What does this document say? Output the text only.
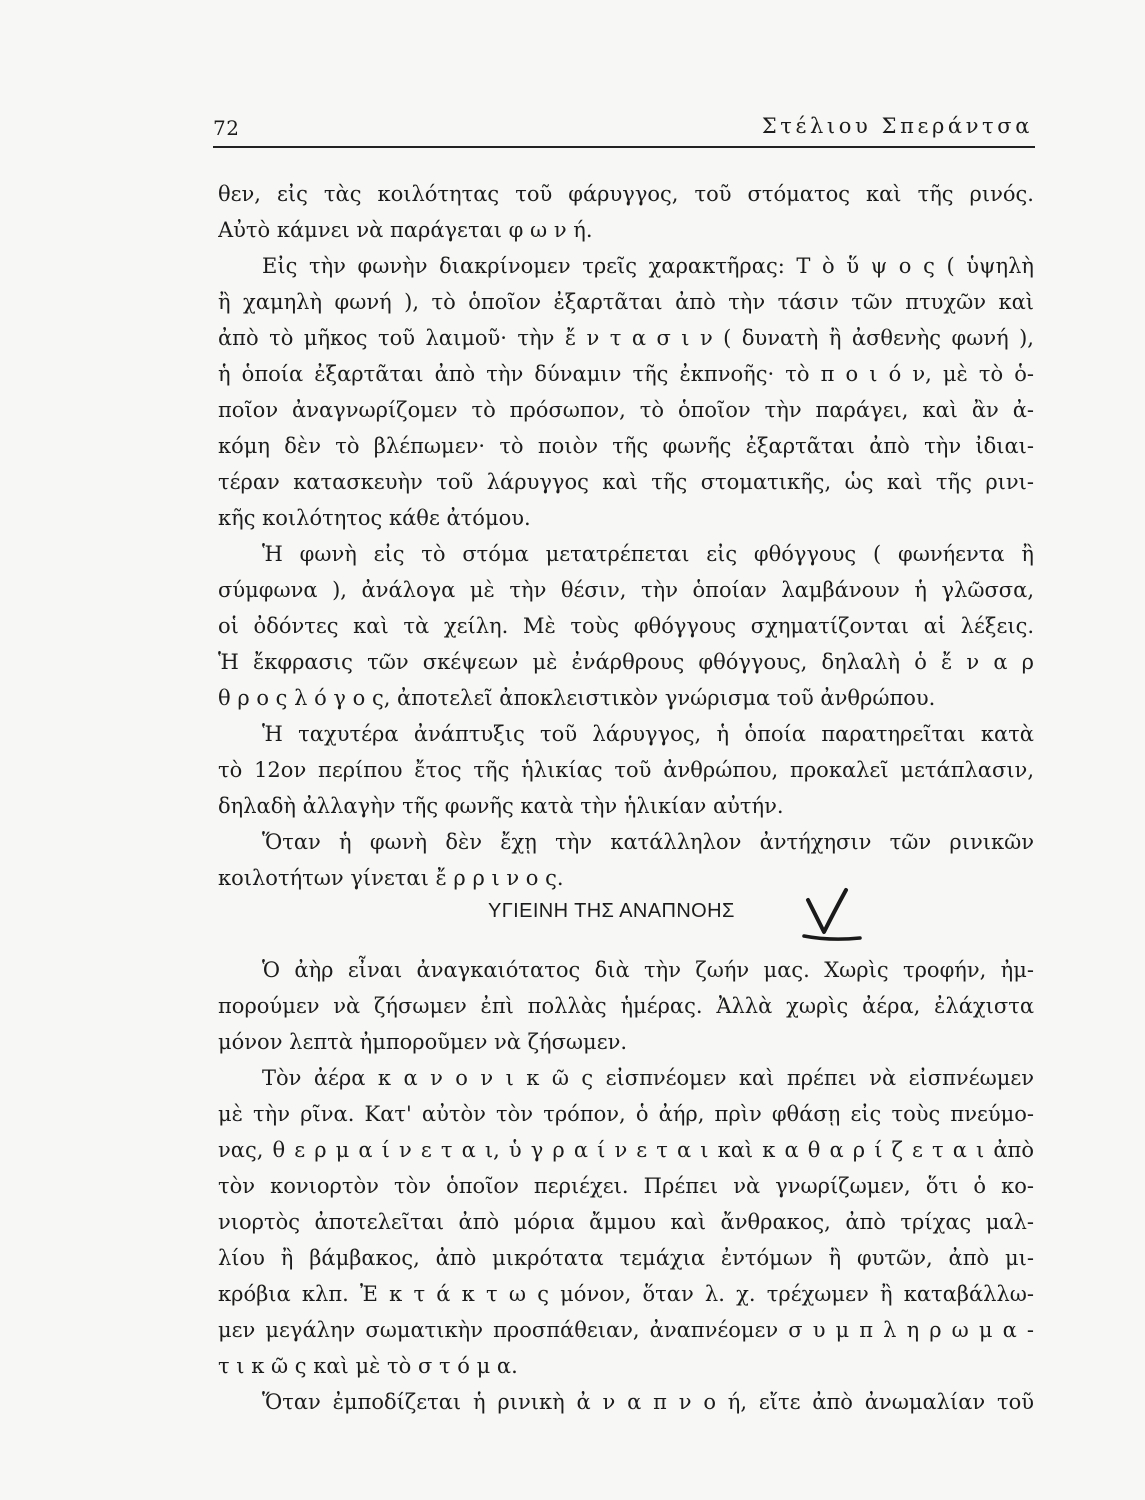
72	Στέλιου Σπεράντσα
θεν, εἰς τὰς κοιλότητας τοῦ φάρυγγος, τοῦ στόματος καὶ τῆς ρινός.
Αὐτὸ κάμνει νὰ παράγεται φ ω ν ή.
Εἰς τὴν φωνὴν διακρίνομεν τρεῖς χαρακτῆρας: Τ ὸ ὕ ψ ο ς ( ὑψηλὴ
ἢ χαμηλὴ φωνή ), τὸ ὁποῖον ἐξαρτᾶται ἀπὸ τὴν τάσιν τῶν πτυχῶν καὶ
ἀπὸ τὸ μῆκος τοῦ λαιμοῦ· τὴν ἔ ν τ α σ ι ν ( δυνατὴ ἢ ἀσθενὴς φωνή ),
ἡ ὁποία ἐξαρτᾶται ἀπὸ τὴν δύναμιν τῆς ἐκπνοῆς· τὸ π ο ι ό ν, μὲ τὸ ὁ-
ποῖον ἀναγνωρίζομεν τὸ πρόσωπον, τὸ ὁποῖον τὴν παράγει, καὶ ἂν ἀ-
κόμη δὲν τὸ βλέπωμεν· τὸ ποιὸν τῆς φωνῆς ἐξαρτᾶται ἀπὸ τὴν ἰδιαι-
τέραν κατασκευὴν τοῦ λάρυγγος καὶ τῆς στοματικῆς, ὡς καὶ τῆς ρινι-
κῆς κοιλότητος κάθε ἀτόμου.
Ἡ φωνὴ εἰς τὸ στόμα μετατρέπεται εἰς φθόγγους ( φωνήεντα ἢ
σύμφωνα ), ἀνάλογα μὲ τὴν θέσιν, τὴν ὁποίαν λαμβάνουν ἡ γλῶσσα,
οἱ ὀδόντες καὶ τὰ χείλη. Μὲ τοὺς φθόγγους σχηματίζονται αἱ λέξεις.
Ἡ ἔκφρασις τῶν σκέψεων μὲ ἐνάρθρους φθόγγους, δηλαλὴ ὁ ἔ ν α ρ
θ ρ ο ς λ ό γ ο ς, ἀποτελεῖ ἀποκλειστικὸν γνώρισμα τοῦ ἀνθρώπου.
Ἡ ταχυτέρα ἀνάπτυξις τοῦ λάρυγγος, ἡ ὁποία παρατηρεῖται κατὰ
τὸ 12ον περίπου ἔτος τῆς ἡλικίας τοῦ ἀνθρώπου, προκαλεῖ μετάπλασιν,
δηλαδὴ ἀλλαγὴν τῆς φωνῆς κατὰ τὴν ἡλικίαν αὐτήν.
Ὅταν ἡ φωνὴ δὲν ἔχῃ τὴν κατάλληλον ἀντήχησιν τῶν ρινικῶν
κοιλοτήτων γίνεται ἔ ρ ρ ι ν ο ς.
ΥΓΙΕΙΝΗ ΤΗΣ ΑΝΑΠΝΟΗΣ
Ὁ ἀὴρ εἶναι ἀναγκαιότατος διὰ τὴν ζωήν μας. Χωρὶς τροφήν, ἠμ-
πορούμεν νὰ ζήσωμεν ἐπὶ πολλὰς ἡμέρας. Ἀλλὰ χωρὶς ἀέρα, ἐλάχιστα
μόνον λεπτὰ ἠμποροῦμεν νὰ ζήσωμεν.
Τὸν ἀέρα κ α ν ο ν ι κ ῶ ς εἰσπνέομεν καὶ πρέπει νὰ εἰσπνέωμεν
μὲ τὴν ρῖνα. Κατ' αὐτὸν τὸν τρόπον, ὁ ἀήρ, πρὶν φθάσῃ εἰς τοὺς πνεύμο-
νας, θ ε ρ μ α ί ν ε τ α ι, ὑ γ ρ α ί ν ε τ α ι καὶ κ α θ α ρ ί ζ ε τ α ι ἀπὸ
τὸν κονιορτὸν τὸν ὁποῖον περιέχει. Πρέπει νὰ γνωρίζωμεν, ὅτι ὁ κο-
νιορτὸς ἀποτελεῖται ἀπὸ μόρια ἄμμου καὶ ἄνθρακος, ἀπὸ τρίχας μαλ-
λίου ἢ βάμβακος, ἀπὸ μικρότατα τεμάχια ἐντόμων ἢ φυτῶν, ἀπὸ μι-
κρόβια κλπ. Ἐ κ τ ά κ τ ω ς μόνον, ὅταν λ. χ. τρέχωμεν ἢ καταβάλλω-
μεν μεγάλην σωματικὴν προσπάθειαν, ἀναπνέομεν σ υ μ π λ η ρ ω μ α -
τ ι κ ῶ ς καὶ μὲ τὸ σ τ ό μ α.
Ὅταν ἐμποδίζεται ἡ ρινικὴ ἀ ν α π ν ο ή, εἴτε ἀπὸ ἀνωμαλίαν τοῦ
